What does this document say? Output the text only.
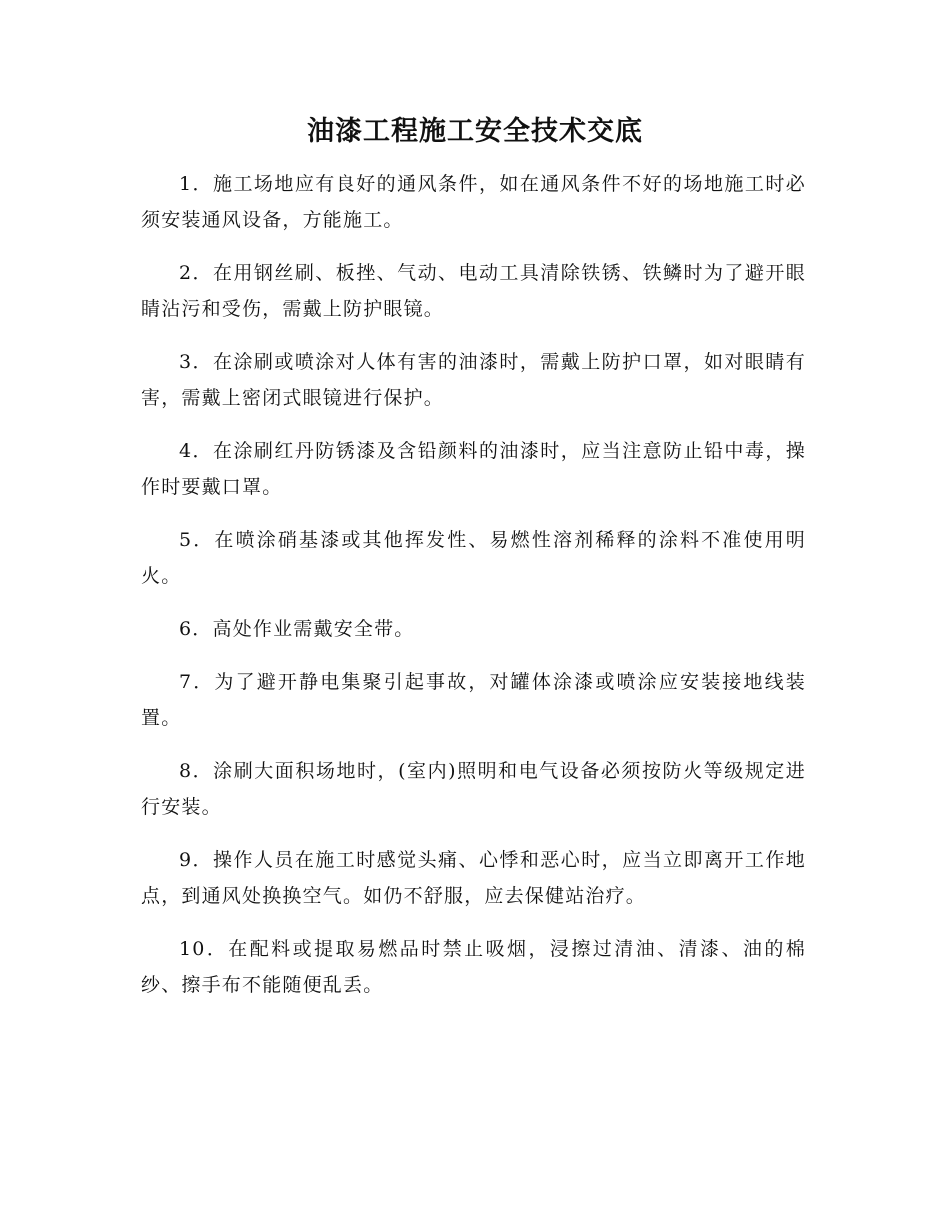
油漆工程施工安全技术交底

1．施工场地应有良好的通风条件，如在通风条件不好的场地施工时必须安装通风设备，方能施工。

2．在用钢丝刷、板挫、气动、电动工具清除铁锈、铁鳞时为了避开眼睛沾污和受伤，需戴上防护眼镜。

3．在涂刷或喷涂对人体有害的油漆时，需戴上防护口罩，如对眼睛有害，需戴上密闭式眼镜进行保护。

4．在涂刷红丹防锈漆及含铅颜料的油漆时，应当注意防止铅中毒，操作时要戴口罩。

5．在喷涂硝基漆或其他挥发性、易燃性溶剂稀释的涂料不准使用明火。

6．高处作业需戴安全带。

7．为了避开静电集聚引起事故，对罐体涂漆或喷涂应安装接地线装置。

8．涂刷大面积场地时，(室内)照明和电气设备必须按防火等级规定进行安装。

9．操作人员在施工时感觉头痛、心悸和恶心时，应当立即离开工作地点，到通风处换换空气。如仍不舒服，应去保健站治疗。

10．在配料或提取易燃品时禁止吸烟，浸擦过清油、清漆、油的棉纱、擦手布不能随便乱丢。
